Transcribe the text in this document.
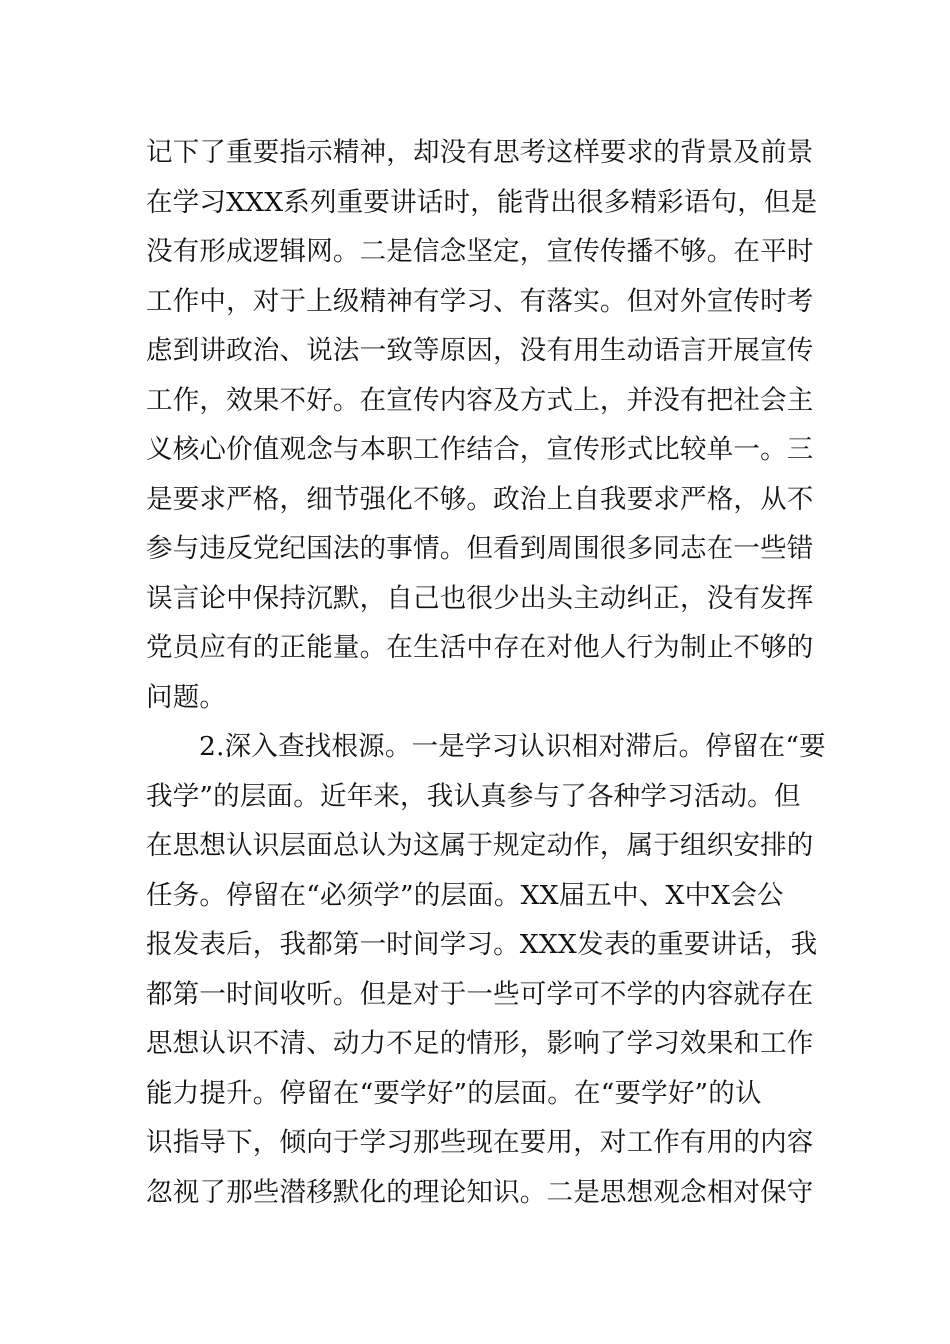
记下了重要指示精神，却没有思考这样要求的背景及前景
在学习XXX系列重要讲话时，能背出很多精彩语句，但是
没有形成逻辑网。二是信念坚定，宣传传播不够。在平时
工作中，对于上级精神有学习、有落实。但对外宣传时考
虑到讲政治、说法一致等原因，没有用生动语言开展宣传
工作，效果不好。在宣传内容及方式上，并没有把社会主
义核心价值观念与本职工作结合，宣传形式比较单一。三
是要求严格，细节强化不够。政治上自我要求严格，从不
参与违反党纪国法的事情。但看到周围很多同志在一些错
误言论中保持沉默，自己也很少出头主动纠正，没有发挥
党员应有的正能量。在生活中存在对他人行为制止不够的
问题。
2.深入查找根源。一是学习认识相对滞后。停留在“要
我学”的层面。近年来，我认真参与了各种学习活动。但
在思想认识层面总认为这属于规定动作，属于组织安排的
任务。停留在“必须学”的层面。XX届五中、X中X会公
报发表后，我都第一时间学习。XXX发表的重要讲话，我
都第一时间收听。但是对于一些可学可不学的内容就存在
思想认识不清、动力不足的情形，影响了学习效果和工作
能力提升。停留在“要学好”的层面。在“要学好”的认
识指导下，倾向于学习那些现在要用，对工作有用的内容
忽视了那些潜移默化的理论知识。二是思想观念相对保守
